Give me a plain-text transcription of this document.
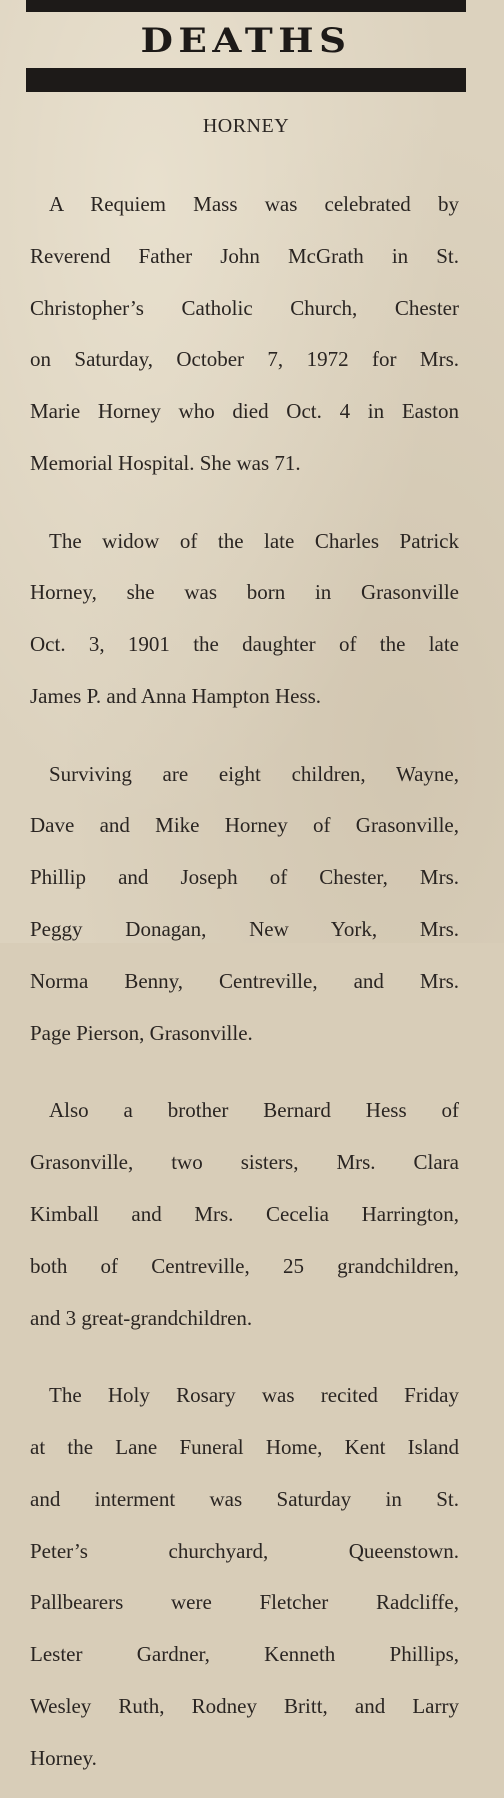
DEATHS
HORNEY

A Requiem Mass was celebrated by

Reverend Father John McGrath in St.

Christopher’s Catholic Church, Chester

on Saturday, October 7, 1972 for Mrs.

Marie Horney who died Oct. 4 in Easton

Memorial Hospital. She was 71.

The widow of the late Charles Patrick

Horney, she was born in Grasonville

Oct. 3, 1901 the daughter of the late

James P. and Anna Hampton Hess.

Surviving are eight children, Wayne,

Dave and Mike Horney of Grasonville,

Phillip and Joseph of Chester, Mrs.

Peggy Donagan, New York, Mrs.

Norma Benny, Centreville, and Mrs.

Page Pierson, Grasonville.

Also a brother Bernard Hess of

Grasonville, two sisters, Mrs. Clara

Kimball and Mrs. Cecelia Harrington,

both of Centreville, 25 grandchildren,

and 3 great-grandchildren.

The Holy Rosary was recited Friday

at the Lane Funeral Home, Kent Island

and interment was Saturday in St.

Peter’s churchyard, Queenstown.

Pallbearers were Fletcher Radcliffe,

Lester Gardner, Kenneth Phillips,

Wesley Ruth, Rodney Britt, and Larry

Horney.
